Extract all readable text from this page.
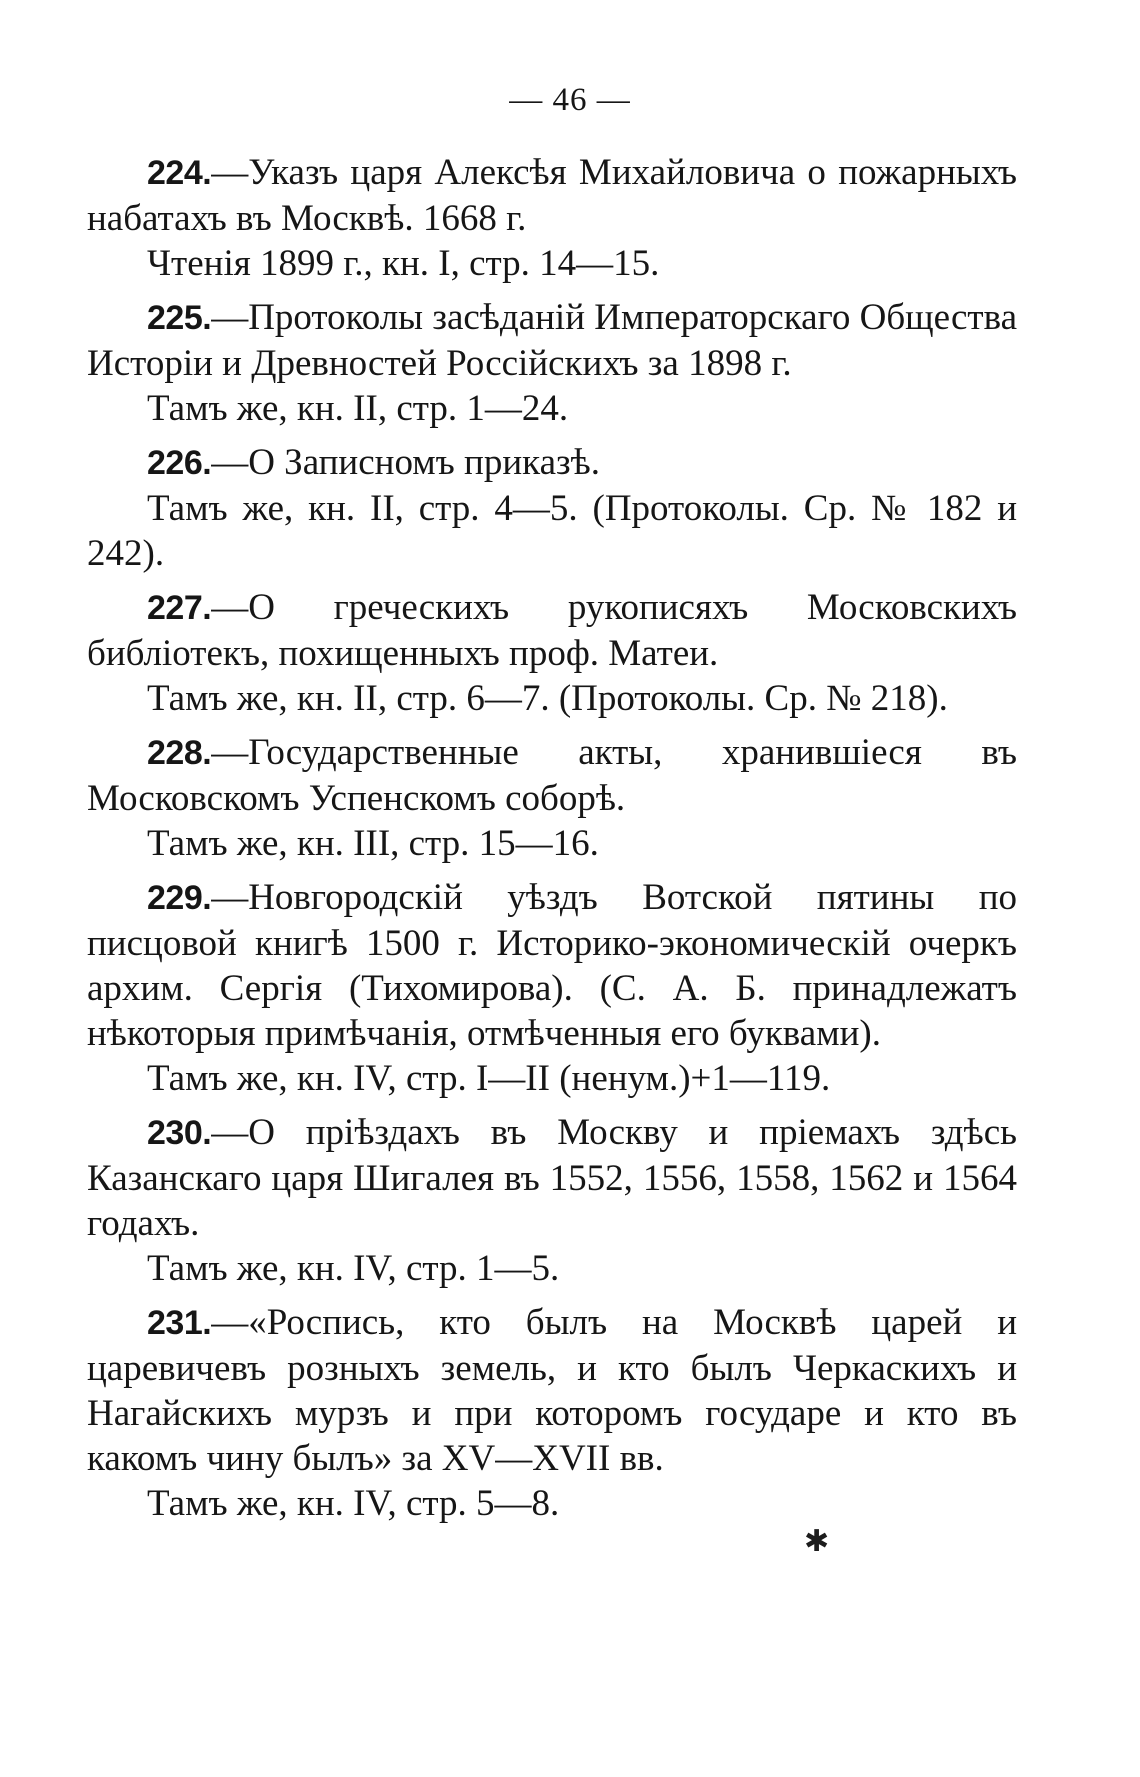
— 46 —

224.—Указъ царя Алексѣя Михайловича о пожарныхъ набатахъ въ Москвѣ. 1668 г.

Чтенія 1899 г., кн. I, стр. 14—15.

225.—Протоколы засѣданій Императорскаго Общества Исторіи и Древностей Россійскихъ за 1898 г.

Тамъ же, кн. II, стр. 1—24.

226.—О Записномъ приказѣ.

Тамъ же, кн. II, стр. 4—5. (Протоколы. Ср. № 182 и 242).

227.—О греческихъ рукописяхъ Московскихъ библіотекъ, похищенныхъ проф. Матеи.

Тамъ же, кн. II, стр. 6—7. (Протоколы. Ср. № 218).

228.—Государственные акты, хранившіеся въ Московскомъ Успенскомъ соборѣ.

Тамъ же, кн. III, стр. 15—16.

229.—Новгородскій уѣздъ Вотской пятины по писцовой книгѣ 1500 г. Историко-экономическій очеркъ архим. Сергія (Тихомирова). (С. А. Б. принадлежатъ нѣкоторыя примѣчанія, отмѣченныя его буквами).

Тамъ же, кн. IV, стр. I—II (ненум.)+1—119.

230.—О пріѣздахъ въ Москву и пріемахъ здѣсь Казанскаго царя Шигалея въ 1552, 1556, 1558, 1562 и 1564 годахъ.

Тамъ же, кн. IV, стр. 1—5.

231.—«Роспись, кто былъ на Москвѣ царей и царевичевъ розныхъ земель, и кто былъ Черкаскихъ и Нагайскихъ мурзъ и при которомъ государе и кто въ какомъ чину былъ» за XV—XVII вв.

Тамъ же, кн. IV, стр. 5—8.

✱
